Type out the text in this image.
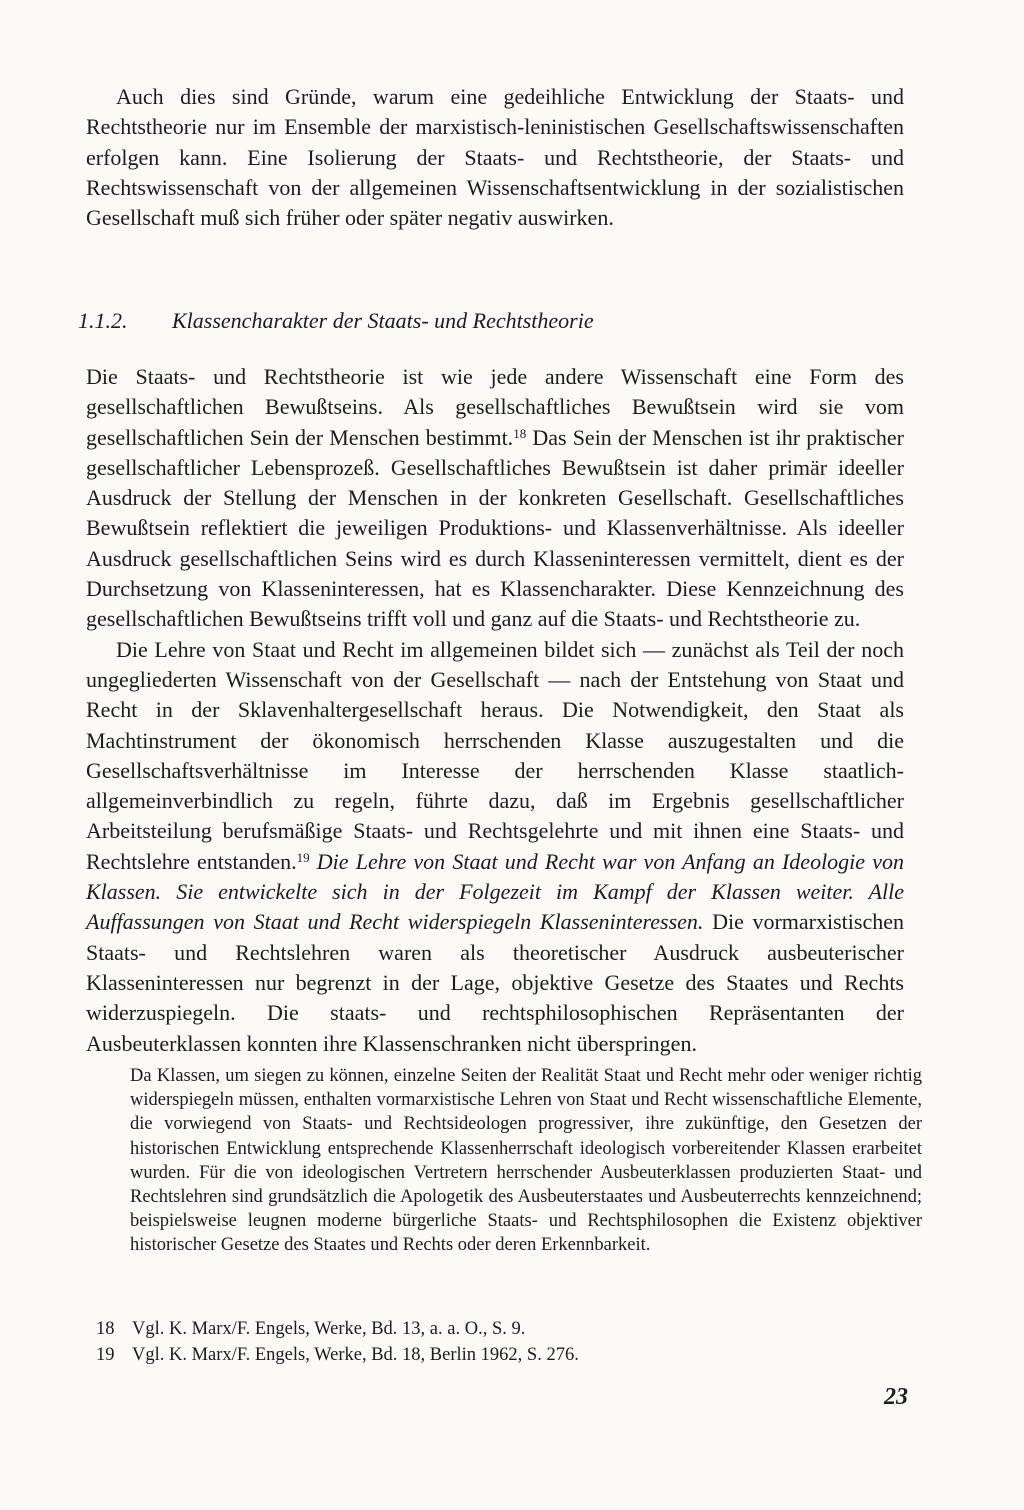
Auch dies sind Gründe, warum eine gedeihliche Entwicklung der Staats- und Rechtstheorie nur im Ensemble der marxistisch-leninistischen Gesellschaftswissenschaften erfolgen kann. Eine Isolierung der Staats- und Rechtstheorie, der Staats- und Rechtswissenschaft von der allgemeinen Wissenschaftsentwicklung in der sozialistischen Gesellschaft muß sich früher oder später negativ auswirken.

1.1.2. Klassencharakter der Staats- und Rechtstheorie

Die Staats- und Rechtstheorie ist wie jede andere Wissenschaft eine Form des gesellschaftlichen Bewußtseins. Als gesellschaftliches Bewußtsein wird sie vom gesellschaftlichen Sein der Menschen bestimmt.$^{18}$ Das Sein der Menschen ist ihr praktischer gesellschaftlicher Lebensprozeß. Gesellschaftliches Bewußtsein ist daher primär ideeller Ausdruck der Stellung der Menschen in der konkreten Gesellschaft. Gesellschaftliches Bewußtsein reflektiert die jeweiligen Produktions- und Klassenverhältnisse. Als ideeller Ausdruck gesellschaftlichen Seins wird es durch Klasseninteressen vermittelt, dient es der Durchsetzung von Klasseninteressen, hat es Klassencharakter. Diese Kennzeichnung des gesellschaftlichen Bewußtseins trifft voll und ganz auf die Staats- und Rechtstheorie zu.

Die Lehre von Staat und Recht im allgemeinen bildet sich — zunächst als Teil der noch ungegliederten Wissenschaft von der Gesellschaft — nach der Entstehung von Staat und Recht in der Sklavenhaltergesellschaft heraus. Die Notwendigkeit, den Staat als Machtinstrument der ökonomisch herrschenden Klasse auszugestalten und die Gesellschaftsverhältnisse im Interesse der herrschenden Klasse staatlich-allgemeinverbindlich zu regeln, führte dazu, daß im Ergebnis gesellschaftlicher Arbeitsteilung berufsmäßige Staats- und Rechtsgelehrte und mit ihnen eine Staats- und Rechtslehre entstanden.$^{19}$ Die Lehre von Staat und Recht war von Anfang an Ideologie von Klassen. Sie entwickelte sich in der Folgezeit im Kampf der Klassen weiter. Alle Auffassungen von Staat und Recht widerspiegeln Klasseninteressen. Die vormarxistischen Staats- und Rechtslehren waren als theoretischer Ausdruck ausbeuterischer Klasseninteressen nur begrenzt in der Lage, objektive Gesetze des Staates und Rechts widerzuspiegeln. Die staats- und rechtsphilosophischen Repräsentanten der Ausbeuterklassen konnten ihre Klassenschranken nicht überspringen.

Da Klassen, um siegen zu können, einzelne Seiten der Realität Staat und Recht mehr oder weniger richtig widerspiegeln müssen, enthalten vormarxistische Lehren von Staat und Recht wissenschaftliche Elemente, die vorwiegend von Staats- und Rechtsideologen progressiver, ihre zukünftige, den Gesetzen der historischen Entwicklung entsprechende Klassenherrschaft ideologisch vorbereitender Klassen erarbeitet wurden. Für die von ideologischen Vertretern herrschender Ausbeuterklassen produzierten Staat- und Rechtslehren sind grundsätzlich die Apologetik des Ausbeuterstaates und Ausbeuterrechts kennzeichnend; beispielsweise leugnen moderne bürgerliche Staats- und Rechtsphilosophen die Existenz objektiver historischer Gesetze des Staates und Rechts oder deren Erkennbarkeit.

18 Vgl. K. Marx/F. Engels, Werke, Bd. 13, a. a. O., S. 9.
19 Vgl. K. Marx/F. Engels, Werke, Bd. 18, Berlin 1962, S. 276.
23
